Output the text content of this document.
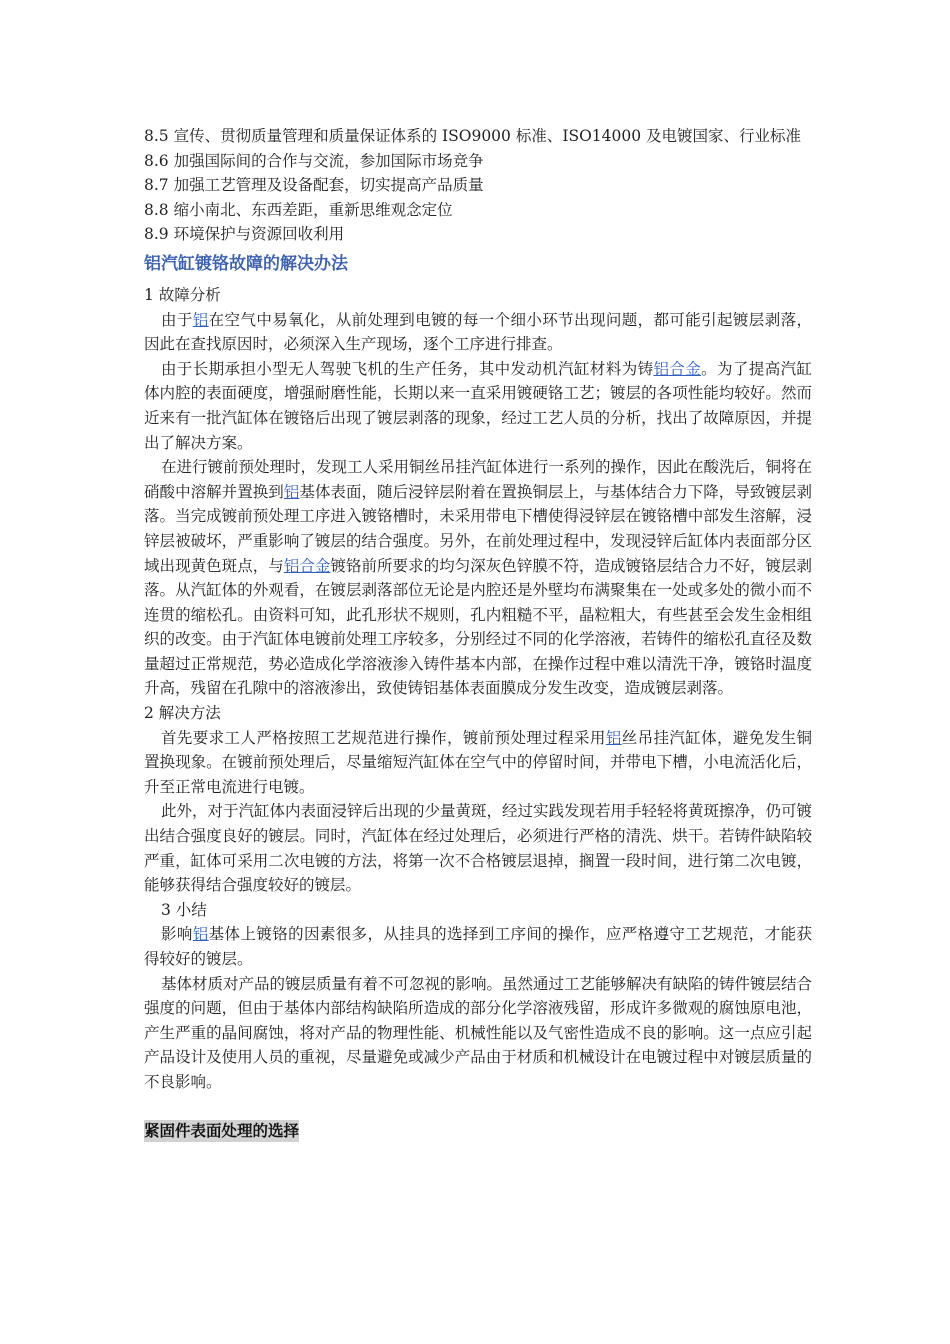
8.5 宣传、贯彻质量管理和质量保证体系的 ISO9000 标准、ISO14000 及电镀国家、行业标准

8.6 加强国际间的合作与交流，参加国际市场竞争

8.7 加强工艺管理及设备配套，切实提高产品质量

8.8 缩小南北、东西差距，重新思维观念定位

8.9 环境保护与资源回收利用

铝汽缸镀铬故障的解决办法

1 故障分析

由于铝在空气中易氧化，从前处理到电镀的每一个细小环节出现问题，都可能引起镀层剥落，因此在查找原因时，必须深入生产现场，逐个工序进行排查。

由于长期承担小型无人驾驶飞机的生产任务，其中发动机汽缸材料为铸铝合金。为了提高汽缸体内腔的表面硬度，增强耐磨性能，长期以来一直采用镀硬铬工艺；镀层的各项性能均较好。然而近来有一批汽缸体在镀铬后出现了镀层剥落的现象，经过工艺人员的分析，找出了故障原因，并提出了解决方案。

在进行镀前预处理时，发现工人采用铜丝吊挂汽缸体进行一系列的操作，因此在酸洗后，铜将在硝酸中溶解并置换到铝基体表面，随后浸锌层附着在置换铜层上，与基体结合力下降，导致镀层剥落。当完成镀前预处理工序进入镀铬槽时，未采用带电下槽使得浸锌层在镀铬槽中部发生溶解，浸锌层被破坏，严重影响了镀层的结合强度。另外，在前处理过程中，发现浸锌后缸体内表面部分区域出现黄色斑点，与铝合金镀铬前所要求的均匀深灰色锌膜不符，造成镀铬层结合力不好，镀层剥落。从汽缸体的外观看，在镀层剥落部位无论是内腔还是外壁均布满聚集在一处或多处的微小而不连贯的缩松孔。由资料可知，此孔形状不规则，孔内粗糙不平，晶粒粗大，有些甚至会发生金相组织的改变。由于汽缸体电镀前处理工序较多，分别经过不同的化学溶液，若铸件的缩松孔直径及数量超过正常规范，势必造成化学溶液渗入铸件基本内部，在操作过程中难以清洗干净，镀铬时温度升高，残留在孔隙中的溶液渗出，致使铸铝基体表面膜成分发生改变，造成镀层剥落。

2 解决方法

首先要求工人严格按照工艺规范进行操作，镀前预处理过程采用铝丝吊挂汽缸体，避免发生铜置换现象。在镀前预处理后，尽量缩短汽缸体在空气中的停留时间，并带电下槽，小电流活化后，升至正常电流进行电镀。

此外，对于汽缸体内表面浸锌后出现的少量黄斑，经过实践发现若用手轻轻将黄斑擦净，仍可镀出结合强度良好的镀层。同时，汽缸体在经过处理后，必须进行严格的清洗、烘干。若铸件缺陷较严重，缸体可采用二次电镀的方法，将第一次不合格镀层退掉，搁置一段时间，进行第二次电镀，能够获得结合强度较好的镀层。

3 小结

影响铝基体上镀铬的因素很多，从挂具的选择到工序间的操作，应严格遵守工艺规范，才能获得较好的镀层。

基体材质对产品的镀层质量有着不可忽视的影响。虽然通过工艺能够解决有缺陷的铸件镀层结合强度的问题，但由于基体内部结构缺陷所造成的部分化学溶液残留，形成许多微观的腐蚀原电池，产生严重的晶间腐蚀，将对产品的物理性能、机械性能以及气密性造成不良的影响。这一点应引起产品设计及使用人员的重视，尽量避免或减少产品由于材质和机械设计在电镀过程中对镀层质量的不良影响。

紧固件表面处理的选择
